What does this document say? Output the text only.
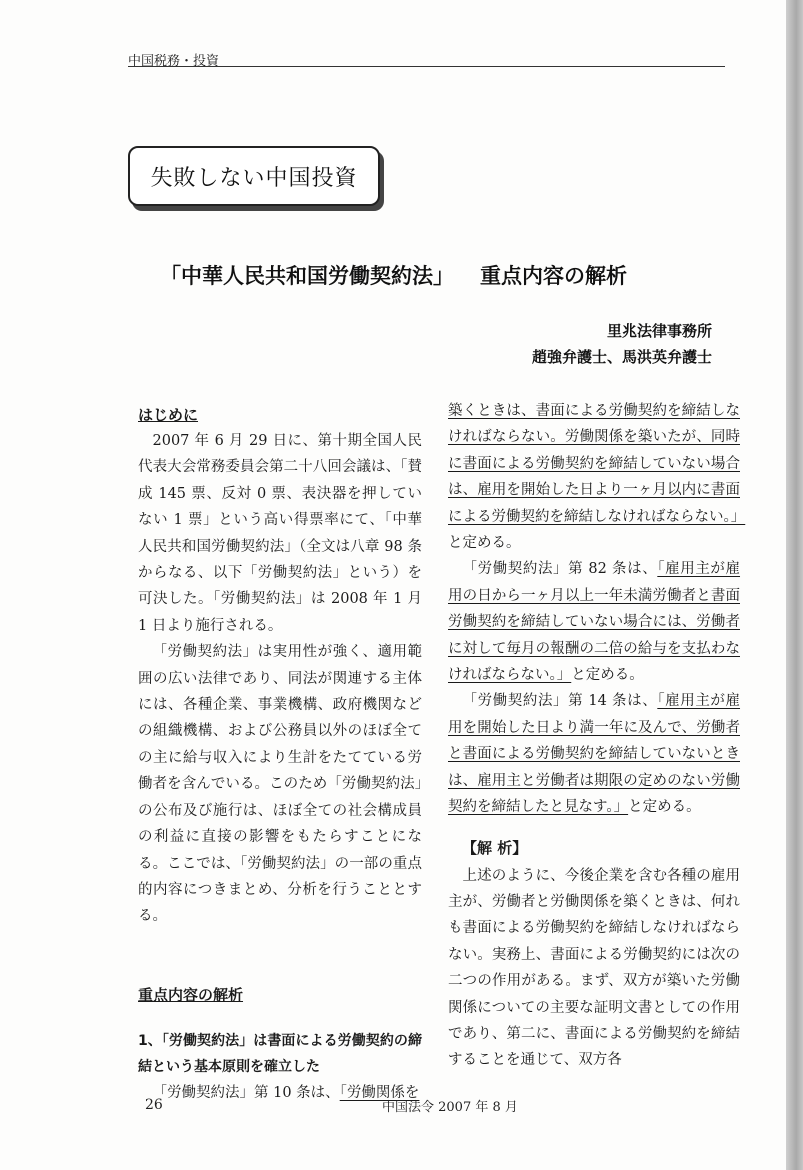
中国税務・投資
失敗しない中国投資
「中華人民共和国労働契約法」 重点内容の解析
里兆法律事務所
趙強弁護士、馬洪英弁護士
はじめに

2007 年 6 月 29 日に、第十期全国人民代表大会常務委員会第二十八回会議は、「賛成 145 票、反対 0 票、表決器を押していない 1 票」という高い得票率にて、「中華人民共和国労働契約法」（全文は八章 98 条からなる、以下「労働契約法」という）を可決した。「労働契約法」は 2008 年 1 月 1 日より施行される。

「労働契約法」は実用性が強く、適用範囲の広い法律であり、同法が関連する主体には、各種企業、事業機構、政府機関などの組織機構、および公務員以外のほぼ全ての主に給与収入により生計をたてている労働者を含んでいる。このため「労働契約法」の公布及び施行は、ほぼ全ての社会構成員の利益に直接の影響をもたらすことになる。ここでは、「労働契約法」の一部の重点的内容につきまとめ、分析を行うこととする。

重点内容の解析
1、「労働契約法」は書面による労働契約の締結という基本原則を確立した

「労働契約法」第 10 条は、「労働関係を

築くときは、書面による労働契約を締結しなければならない。労働関係を築いたが、同時に書面による労働契約を締結していない場合は、雇用を開始した日より一ヶ月以内に書面による労働契約を締結しなければならない。」と定める。

「労働契約法」第 82 条は、「雇用主が雇用の日から一ヶ月以上一年未満労働者と書面労働契約を締結していない場合には、労働者に対して毎月の報酬の二倍の給与を支払わなければならない。」と定める。

「労働契約法」第 14 条は、「雇用主が雇用を開始した日より満一年に及んで、労働者と書面による労働契約を締結していないときは、雇用主と労働者は期限の定めのない労働契約を締結したと見なす。」と定める。

【解 析】

上述のように、今後企業を含む各種の雇用主が、労働者と労働関係を築くときは、何れも書面による労働契約を締結しなければならない。実務上、書面による労働契約には次の二つの作用がある。まず、双方が築いた労働関係についての主要な証明文書としての作用であり、第二に、書面による労働契約を締結することを通じて、双方各

26	中国法令 2007 年 8 月
